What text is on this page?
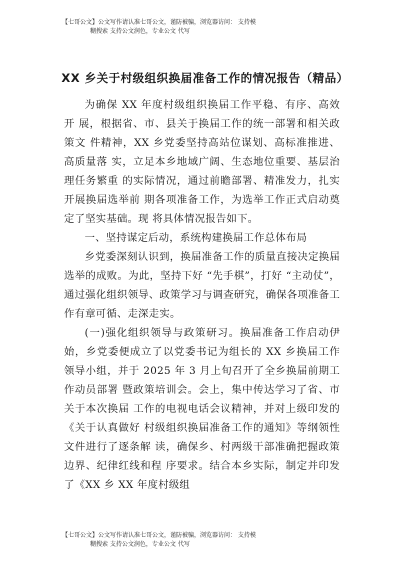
【七哥公文】公文写作请认准七哥公文，谨防被骗，浏览器访问： 支持模
糊搜索 支持公文润色，专业公文 代写
XX 乡关于村级组织换届准备工作的情况报告（精品）

为确保 XX 年度村级组织换届工作平稳、有序、高效开 展，根据省、市、县关于换届工作的统一部署和相关政策文 件精神，XX 乡党委坚持高站位谋划、高标准推进、高质量落 实，立足本乡地域广阔、生态地位重要、基层治理任务繁重 的实际情况，通过前瞻部署、精准发力，扎实开展换届选举前 期各项准备工作，为选举工作正式启动奠定了坚实基础。现 将具体情况报告如下。

一、坚持谋定后动，系统构建换届工作总体布局

乡党委深刻认识到，换届准备工作的质量直接决定换届选举的成败。为此，坚持下好 “先手棋”，打好 “主动仗”，通过强化组织领导、政策学习与调查研究，确保各项准备工 作有章可循、走深走实。

(一)强化组织领导与政策研习。换届准备工作启动伊始，乡党委便成立了以党委书记为组长的 XX 乡换届工作领导小组，并于 2025 年 3 月上旬召开了全乡换届前期工作动员部署 暨政策培训会。会上，集中传达学习了省、市关于本次换届 工作的电视电话会议精神，并对上级印发的《关于认真做好 村级组织换届准备工作的通知》等纲领性文件进行了逐条解 读，确保乡、村两级干部准确把握政策边界、纪律红线和程 序要求。结合本乡实际，制定并印发了《XX 乡 XX 年度村级组

【七哥公文】公文写作请认准七哥公文，谨防被骗，浏览器访问： 支持模
糊搜索 支持公文润色，专业公文 代写
